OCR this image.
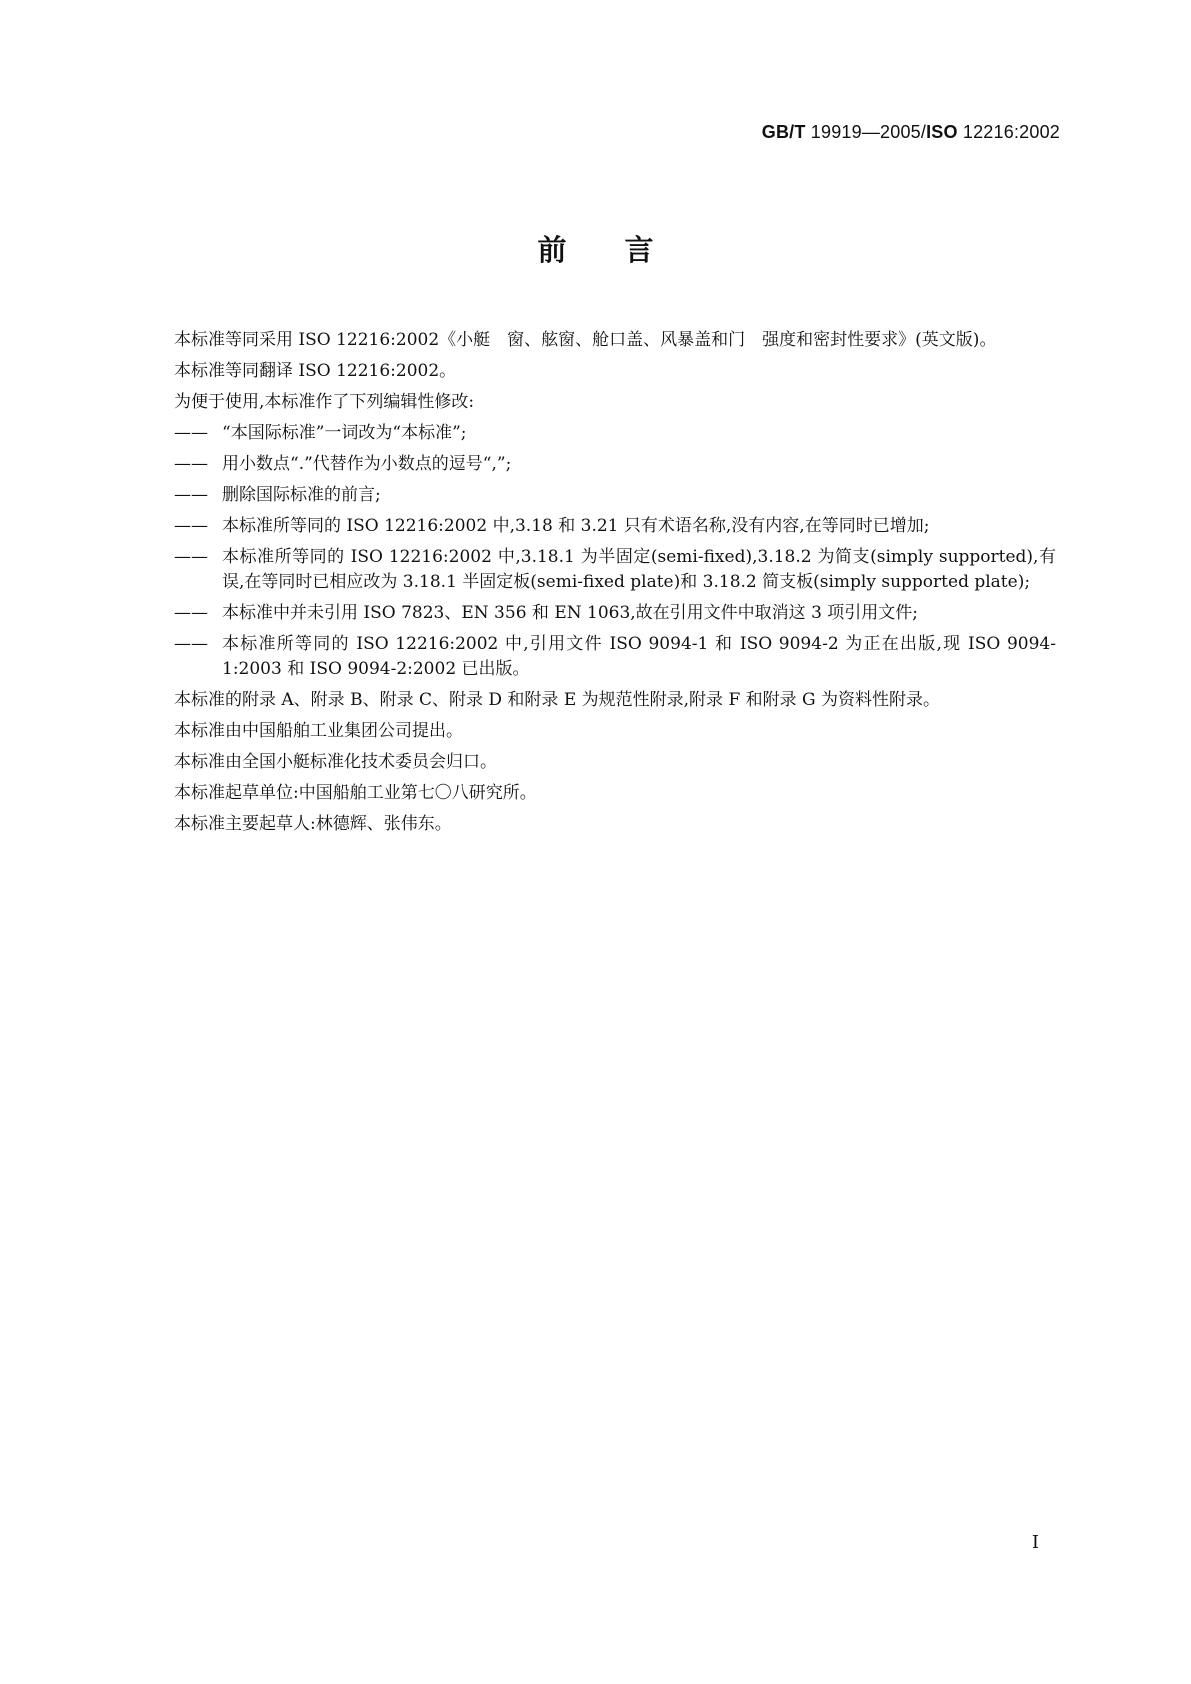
GB/T 19919—2005/ISO 12216:2002
前言

本标准等同采用 ISO 12216:2002《小艇　窗、舷窗、舱口盖、风暴盖和门　强度和密封性要求》(英文版)。

本标准等同翻译 ISO 12216:2002。

为便于使用,本标准作了下列编辑性修改:

—— “本国际标准”一词改为“本标准”;
—— 用小数点“.”代替作为小数点的逗号“,”;
—— 删除国际标准的前言;
—— 本标准所等同的 ISO 12216:2002 中,3.18 和 3.21 只有术语名称,没有内容,在等同时已增加;
—— 本标准所等同的 ISO 12216:2002 中,3.18.1 为半固定(semi-fixed),3.18.2 为简支(simply supported),有误,在等同时已相应改为 3.18.1 半固定板(semi-fixed plate)和 3.18.2 简支板(simply supported plate);
—— 本标准中并未引用 ISO 7823、EN 356 和 EN 1063,故在引用文件中取消这 3 项引用文件;
—— 本标准所等同的 ISO 12216:2002 中,引用文件 ISO 9094-1 和 ISO 9094-2 为正在出版,现 ISO 9094-1:2003 和 ISO 9094-2:2002 已出版。

本标准的附录 A、附录 B、附录 C、附录 D 和附录 E 为规范性附录,附录 F 和附录 G 为资料性附录。

本标准由中国船舶工业集团公司提出。

本标准由全国小艇标准化技术委员会归口。

本标准起草单位:中国船舶工业第七〇八研究所。

本标准主要起草人:林德辉、张伟东。

I
